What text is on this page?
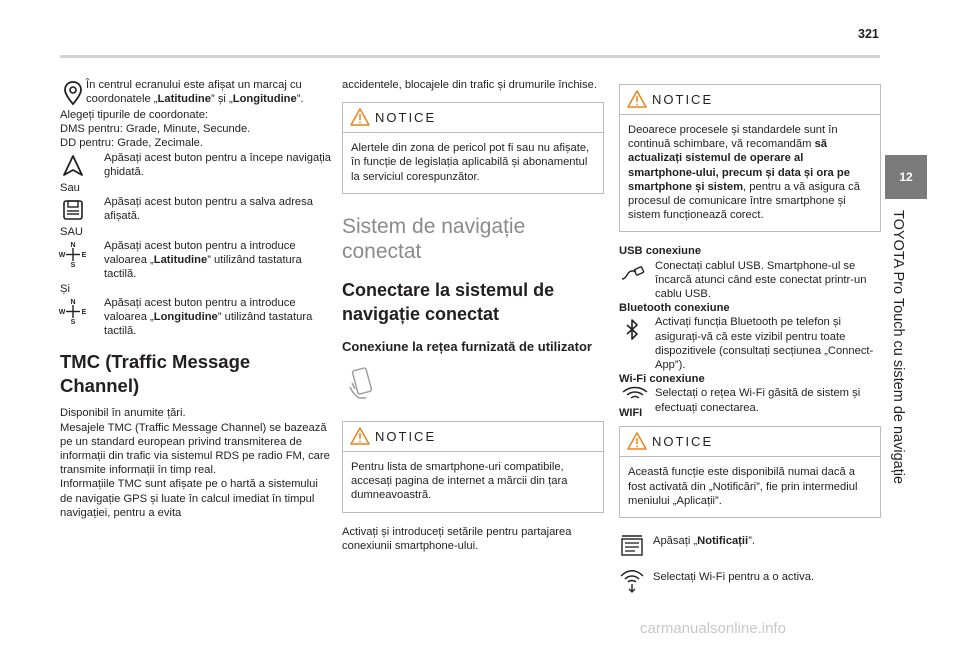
321
12
TOYOTA Pro Touch cu sistem de navigație

În centrul ecranului este afișat un marcaj cu coordonatele „Latitudine” și „Longitudine”.

Alegeți tipurile de coordonate:

DMS pentru: Grade, Minute, Secunde.

DD pentru: Grade, Zecimale.

Apăsați acest buton pentru a începe navigația ghidată.

Sau

Apăsați acest buton pentru a salva adresa afișată.

SAU

N
S
W E

Apăsați acest buton pentru a introduce valoarea „Latitudine” utilizând tastatura tactilă.

Și

N
S
W E

Apăsați acest buton pentru a introduce valoarea „Longitudine” utilizând tastatura tactilă.

TMC (Traffic Message Channel)

Disponibil în anumite țări.

Mesajele TMC (Traffic Message Channel) se bazează pe un standard european privind transmiterea de informații din trafic via sistemul RDS pe radio FM, care transmite informații în timp real.

Informațiile TMC sunt afișate pe o hartă a sistemului de navigație GPS și luate în calcul imediat în timpul navigației, pentru a evita

accidentele, blocajele din trafic și drumurile închise.

NOTICE
Alertele din zona de pericol pot fi sau nu afișate, în funcție de legislația aplicabilă și abonamentul la serviciul corespunzător.
Sistem de navigație conectat
Conectare la sistemul de navigație conectat
Conexiune la rețea furnizată de utilizator
NOTICE
Pentru lista de smartphone-uri compatibile, accesați pagina de internet a mărcii din țara dumneavoastră.

Activați și introduceți setările pentru partajarea conexiunii smartphone-ului.

NOTICE
Deoarece procesele și standardele sunt în continuă schimbare, vă recomandăm să actualizați sistemul de operare al smartphone-ului, precum și data și ora pe smartphone și sistem, pentru a vă asigura că procesul de comunicare între smartphone și sistem funcționează corect.

USB conexiune

Conectați cablul USB. Smartphone-ul se încarcă atunci când este conectat printr-un cablu USB.

Bluetooth conexiune

Activați funcția Bluetooth pe telefon și asigurați-vă că este vizibil pentru toate dispozitivele (consultați secțiunea „Connect-App”).

Wi-Fi conexiune

WIFI

Selectați o rețea Wi-Fi găsită de sistem și efectuați conectarea.

NOTICE
Această funcție este disponibilă numai dacă a fost activată din „Notificări”, fie prin intermediul meniului „Aplicații”.

Apăsați „Notificații”.

Selectați Wi-Fi pentru a o activa.

carmanualsonline.info
